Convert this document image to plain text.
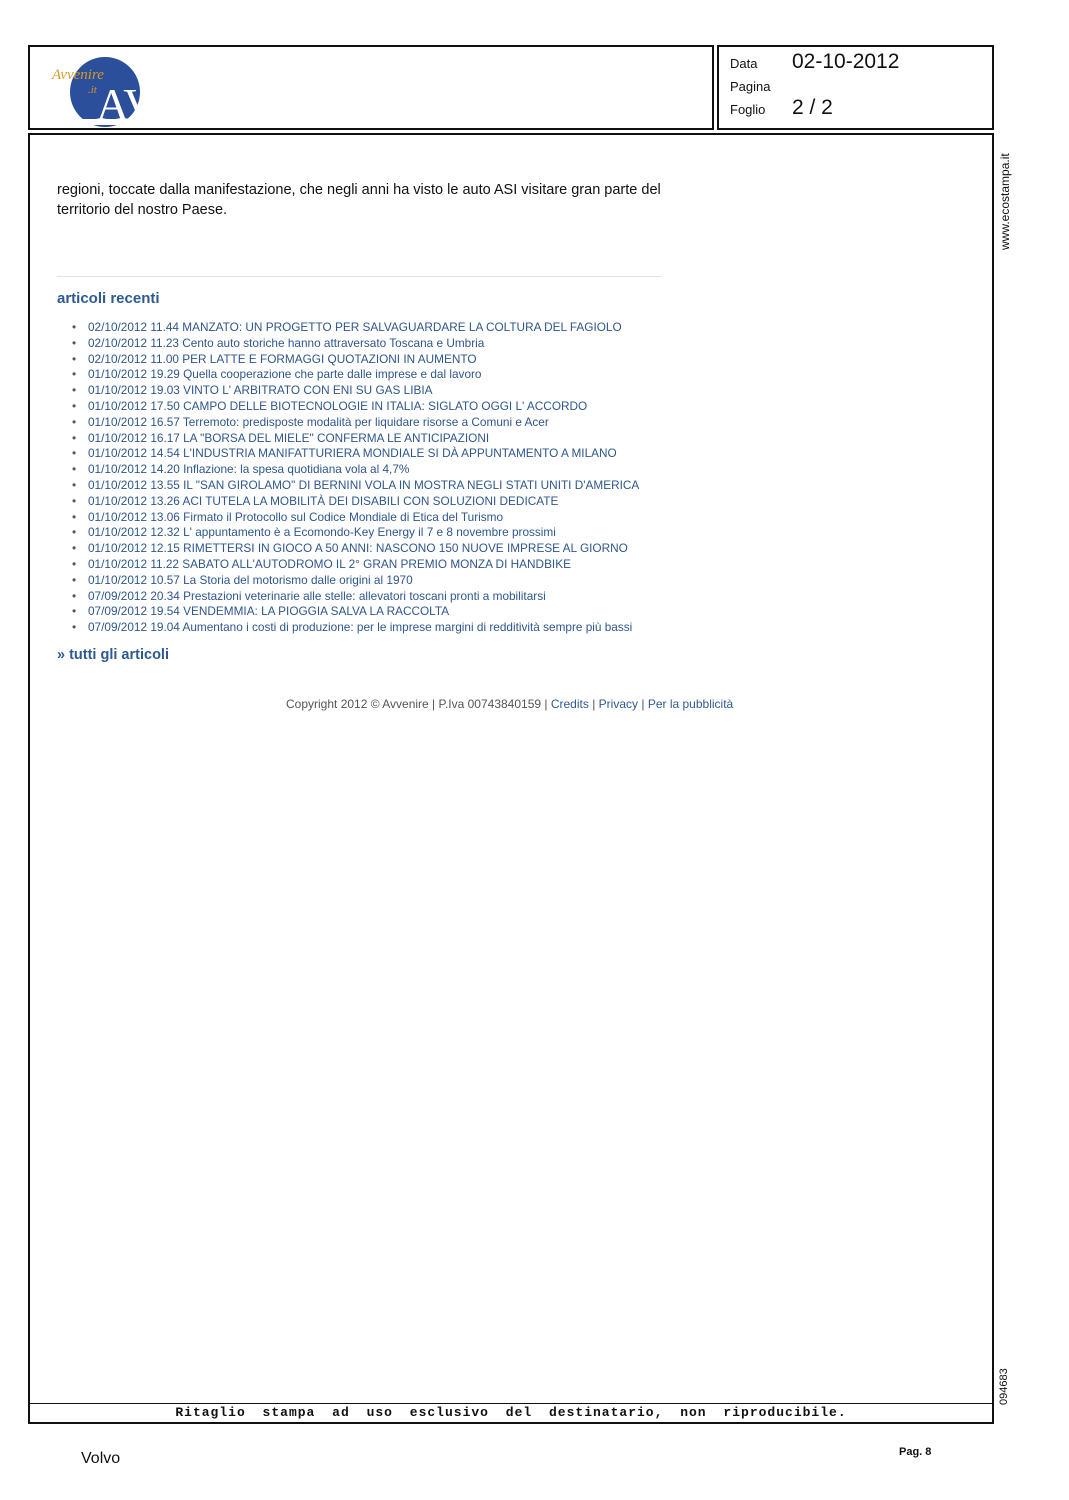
Avvenire
.it AV
Data 02-10-2012
Pagina
Foglio 2 / 2
regioni, toccate dalla manifestazione, che negli anni ha visto le auto ASI visitare gran parte del territorio del nostro Paese.
articoli recenti
• 02/10/2012 11.44 MANZATO: UN PROGETTO PER SALVAGUARDARE LA COLTURA DEL FAGIOLO
• 02/10/2012 11.23 Cento auto storiche hanno attraversato Toscana e Umbria
• 02/10/2012 11.00 PER LATTE E FORMAGGI QUOTAZIONI IN AUMENTO
• 01/10/2012 19.29 Quella cooperazione che parte dalle imprese e dal lavoro
• 01/10/2012 19.03 VINTO L' ARBITRATO CON ENI SU GAS LIBIA
• 01/10/2012 17.50 CAMPO DELLE BIOTECNOLOGIE IN ITALIA: SIGLATO OGGI L' ACCORDO
• 01/10/2012 16.57 Terremoto: predisposte modalità per liquidare risorse a Comuni e Acer
• 01/10/2012 16.17 LA "BORSA DEL MIELE" CONFERMA LE ANTICIPAZIONI
• 01/10/2012 14.54 L'INDUSTRIA MANIFATTURIERA MONDIALE SI DÀ APPUNTAMENTO A MILANO
• 01/10/2012 14.20 Inflazione: la spesa quotidiana vola al 4,7%
• 01/10/2012 13.55 IL "SAN GIROLAMO" DI BERNINI VOLA IN MOSTRA NEGLI STATI UNITI D'AMERICA
• 01/10/2012 13.26 ACI TUTELA LA MOBILITÀ DEI DISABILI CON SOLUZIONI DEDICATE
• 01/10/2012 13.06 Firmato il Protocollo sul Codice Mondiale di Etica del Turismo
• 01/10/2012 12.32 L' appuntamento è a Ecomondo-Key Energy il 7 e 8 novembre prossimi
• 01/10/2012 12.15 RIMETTERSI IN GIOCO A 50 ANNI: NASCONO 150 NUOVE IMPRESE AL GIORNO
• 01/10/2012 11.22 SABATO ALL'AUTODROMO IL 2° GRAN PREMIO MONZA DI HANDBIKE
• 01/10/2012 10.57 La Storia del motorismo dalle origini al 1970
• 07/09/2012 20.34 Prestazioni veterinarie alle stelle: allevatori toscani pronti a mobilitarsi
• 07/09/2012 19.54 VENDEMMIA: LA PIOGGIA SALVA LA RACCOLTA
• 07/09/2012 19.04 Aumentano i costi di produzione: per le imprese margini di redditività sempre più bassi
» tutti gli articoli
Copyright 2012 © Avvenire | P.Iva 00743840159 | Credits | Privacy | Per la pubblicità
Ritaglio stampa ad uso esclusivo del destinatario, non riproducibile.
www.ecostampa.it
094683
Volvo	Pag. 8
